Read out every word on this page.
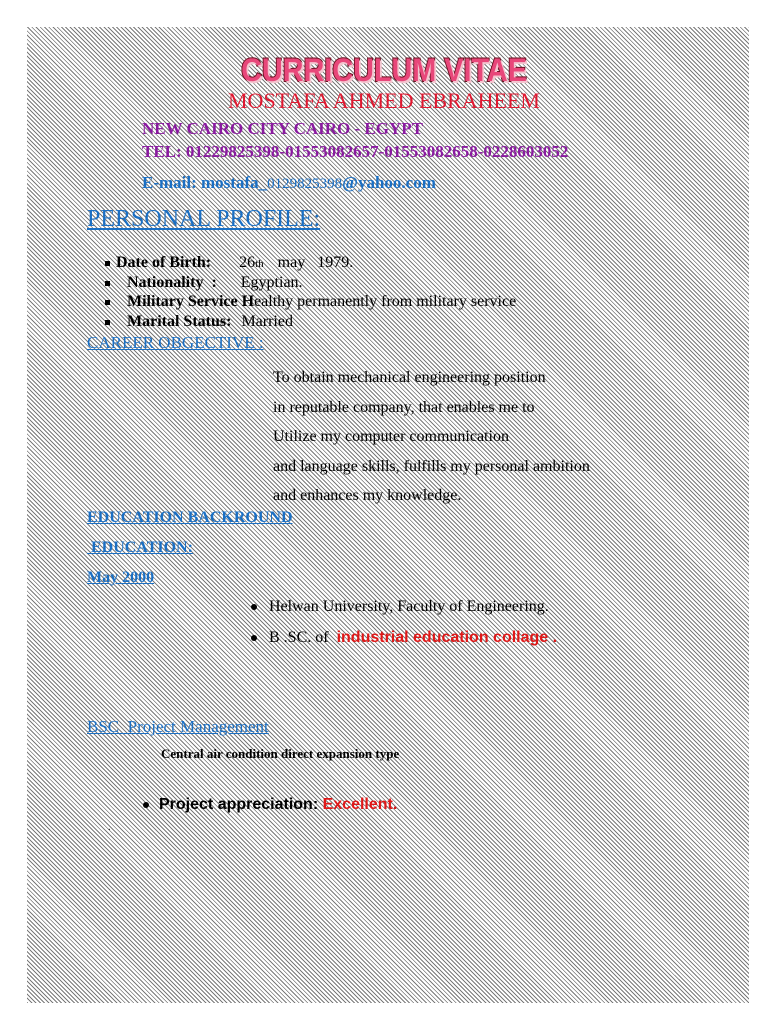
CURRICULUM VITAE
MOSTAFA AHMED EBRAHEEM
NEW CAIRO CITY CAIRO - EGYPT
TEL: 01229825398-01553082657-01553082658-0228603052
E-mail: mostafa_0129825398@yahoo.com
PERSONAL PROFILE:
Date of Birth: 26th may   1979.
Nationality  : Egyptian.
Military Service Healthy permanently from military service
Marital Status: Married
CAREER OBGECTIVE :
To obtain mechanical engineering position
in reputable company, that enables me to
Utilize my computer communication
and language skills, fulfills my personal ambition
and enhances my knowledge.
EDUCATION BACKROUND
EDUCATION:
May 2000
Helwan University, Faculty of Engineering.
B .SC. of  industrial education collage .
BSC  Project Management
Central air condition direct expansion type
Project appreciation: Excellent.
.
